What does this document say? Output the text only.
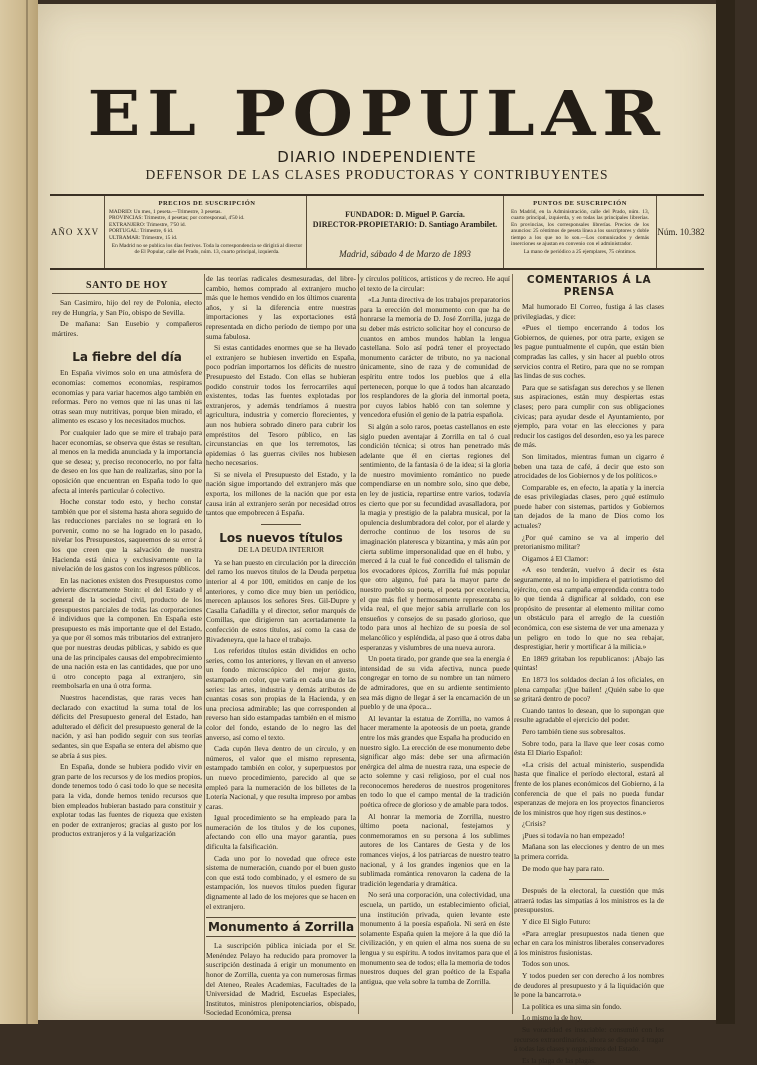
EL POPULAR
DIARIO INDEPENDIENTE
DEFENSOR DE LAS CLASES PRODUCTORAS Y CONTRIBUYENTES
AÑO XXV
PRECIOS DE SUSCRIPCIÓN
MADRID: Un mes, 1 peseta.—Trimestre, 3 pesetas.
PROVINCIAS: Trimestre, 4 pesetas; por corresponsal, 4'50 id.
EXTRANJERO: Trimestre, 7'50 id.
PORTUGAL: Trimestre, 6 id.
ULTRAMAR: Trimestre, 15 id.
En Madrid no se publica los días festivos. Toda la correspondencia se dirigirá al director de El Popular, calle del Prado, núm. 13, cuarto principal, izquierda.
FUNDADOR: D. Miguel P. García.
DIRECTOR-PROPIETARIO: D. Santiago Arambilet.
Madrid, sábado 4 de Marzo de 1893
PUNTOS DE SUSCRIPCIÓN
En Madrid, en la Administración, calle del Prado, núm. 13, cuarto principal, izquierda, y en todas las principales librerías. En provincias, los corresponsales librerías. Precios de los anuncios: 25 céntimos de peseta línea a los suscriptores y doble tiempo a los que no lo son.—Los comunicados y demás inserciones se ajustan en convenio con el administrador.
La mano de periódico a 25 ejemplares, 75 céntimos.
Núm. 10.382
SANTO DE HOY

San Casimiro, hijo del rey de Polonia, electo rey de Hungría, y San Pío, obispo de Sevilla.

De mañana: San Eusebio y compañeros mártires.

La fiebre del día

En España vivimos solo en una atmósfera de economías: comemos economías, respiramos economías y para variar hacemos algo también en reformas. Pero no vemos que ni las unas ni las otras sean muy nutritivas, porque bien mirado, el alimento es escaso y los necesitados muchos.

Por cualquier lado que se mire el trabajo para hacer economías, se observa que éstas se resultan, al menos en la medida anunciada y la importancia que se desea; y, preciso reconocerlo, no por falta de deseo en los que han de realizarlas, sino por la oposición que encuentran en España todo lo que afecta al interés particular ó colectivo.

Hoche constar todo esto, y hecho constar también que por el sistema hasta ahora seguido de las reducciones parciales no se logrará en lo porvenir, como no se ha logrado en lo pasado, nivelar los Presupuestos, saqueemos de su error á los que creen que la salvación de nuestra Hacienda está única y exclusivamente en la nivelación de los gastos con los ingresos públicos.

En las naciones existen dos Presupuestos como advierte discretamente Stein: el del Estado y el general de la sociedad civil, producto de los presupuestos parciales de todas las corporaciones é individuos que la componen. En España este presupuesto es más importante que el del Estado, ya que por él somos más tributarios del extranjero que por nuestras deudas públicas, y sabido es que una de las principales causas del empobrecimiento de una nación esta en las cantidades, que por uno ú otro concepto paga al extranjero, sin reembolsarla en una ú otra forma.

Nuestros hacendistas, que raras veces han declarado con exactitud la suma total de los déficits del Presupuesto general del Estado, han adulterado el déficit del presupuesto general de la nación, y así han podido seguir con sus teorías sedantes, sin que España se entera del abismo que se abría á sus pies.

En España, donde se hubiera podido vivir en gran parte de los recursos y de los medios propios, donde tenemos todo ó casi todo lo que se necesita para la vida, donde hemos tenido recursos que bien empleados hubieran bastado para constituir y explotar todas las fuentes de riqueza que existen en poder de extranjeros; gracias al gusto por los productos extranjeros y á la vulgarización

de las teorías radicales desmesuradas, del libre-cambio, hemos comprado al extranjero mucho más que le hemos vendido en los últimos cuarenta años, y si la diferencia entre nuestras importaciones y las exportaciones está representada en dicho período de tiempo por una suma fabulosa.

Si estas cantidades enormes que se ha llevado el extranjero se hubiesen invertido en España, poco podrían importarnos los déficits de nuestro Presupuesto del Estado. Con ellas se hubieran podido construir todos los ferrocarriles aquí existentes, todas las fuentes explotadas por extranjeros, y además tendríamos á nuestra agricultura, industria y comercio florecientes, y aun nos hubiera sobrado dinero para cubrir los empréstitos del Tesoro público, en las circunstancias en que los terremotos, las epidemias ó las guerras civiles nos hubiesen hecho necesarios.

Si se nivela el Presupuesto del Estado, y la nación sigue importando del extranjero más que exporta, los millones de la nación que por esta causa irán al extranjero serán por necesidad otros tantos que empobrecen á España.

Los nuevos títulos
DE LA DEUDA INTERIOR

Ya se han puesto en circulación por la dirección del ramo los nuevos títulos de la Deuda perpetua interior al 4 por 100, emitidos en canje de los anteriores, y como dice muy bien un periódico, merecen aplausos los señores Sres. Gil-Dupre y Casalla Cañadilla y el director, señor marqués de Comillas, que dirigieron tan acertadamente la confección de estos títulos, así como la casa de Rivadeneyra, que la hace el trabajo.

Los referidos títulos están divididos en ocho series, como los anteriores, y llevan en el anverso un fondo microscópico del mejor gusto, estampado en color, que varía en cada una de las series: las artes, industria y demás atributos de cuantas cosas son propias de la Hacienda, y en una preciosa admirable; las que corresponden al reverso han sido estampadas también en el mismo color del fondo, estando de lo negro las del anverso, así como el texto.

Cada cupón lleva dentro de un círculo, y en números, el valor que el mismo representa, estampado también en color, y superpuestos por un nuevo procedimiento, parecido al que se empleó para la numeración de los billetes de la Lotería Nacional, y que resulta impreso por ambas caras.

Igual procedimiento se ha empleado para la numeración de los títulos y de los cupones, afectando con ello una mayor garantía, pues dificulta la falsificación.

Cada uno por lo novedad que ofrece este sistema de numeración, cuando por el buen gusto con que está todo combinado, y el esmero de su estampación, los nuevos títulos pueden figurar dignamente al lado de los mejores que se hacen en el extranjero.

Monumento á Zorrilla

La suscripción pública iniciada por el Sr. Menéndez Pelayo ha reducido para promover la suscripción destinada á erigir un monumento en honor de Zorrilla, cuenta ya con numerosas firmas del Ateneo, Reales Academias, Facultades de la Universidad de Madrid, Escuelas Especiales, Institutos, ministros plenipotenciarios, obispado, Sociedad Económica, prensa

y círculos políticos, artísticos y de recreo. He aquí el texto de la circular:

«La Junta directiva de los trabajos preparatorios para la erección del monumento con que ha de honrarse la memoria de D. José Zorrilla, juzga de su deber más estricto solicitar hoy el concurso de cuantos en ambos mundos hablan la lengua castellana. Solo así podrá tener el proyectado monumento carácter de tributo, no ya nacional únicamente, sino de raza y de comunidad de espíritu entre todos los pueblos que á ella pertenecen, porque lo que á todos han alcanzado los resplandores de la gloria del inmortal poeta, por cuyos labios habló con tan solemne y vencedora efusión el genio de la patria española.

Si algún a solo raros, poetas castellanos en este siglo pueden aventajar á Zorrilla en tal ó cual condición técnica; si otros han penetrado más adelante que él en ciertas regiones del sentimiento, de la fantasía ó de la idea; si la gloria de nuestro movimiento romántico no puede compendiarse en un nombre solo, sino que debe, en ley de justicia, repartirse entre varios, todavía es cierto que por su fecundidad avasalladora, por la magia y prestigio de la palabra musical, por la opulencia deslumbradora del color, por el alarde y derroche continuo de los tesoros de su imaginación plateresca y bizantina, y más aún por cierta sublime impersonalidad que en él hubo, y merced á la cual le fué concedido el talismán de los evocadores épicos, Zorrilla fué más popular que otro alguno, fué para la mayor parte de nuestro pueblo su poeta, el poeta por excelencia, el que más fiel y hermosamente representaba su vida real, el que mejor sabía arrullarle con los ensueños y consejos de su pasado glorioso, que todo para unos al hechizo de su poesía de sol melancólico y espléndida, al paso que á otros daba esperanzas y vislumbres de una nueva aurora.

Un poeta tirado, por grande que sea la energía é intensidad de su vida afectiva, nunca puede congregar en torno de su nombre un tan número de admiradores, que en su ardiente sentimiento sea más digno de llegar á ser la encarnación de un pueblo y de una época...

Al levantar la estatua de Zorrilla, no vamos á hacer meramente la apoteosis de un poeta, grande entre los más grandes que España ha producido en nuestro siglo. La erección de ese monumento debe significar algo más: debe ser una afirmación enérgica del alma de nuestra raza, una especie de acto solemne y casi religioso, por el cual nos reconocemos herederos de nuestros progenitores en todo lo que el campo mental de la tradición poética ofrece de glorioso y de amable para todos.

Al honrar la memoria de Zorrilla, nuestro último poeta nacional, festejamos y conmemoramos en su persona á los sublimes autores de los Cantares de Gesta y de los romances viejos, á los patriarcas de nuestro teatro nacional, y á los grandes ingenios que en la sublimada romántica renovaron la cadena de la tradición legendaria y dramática.

No será una corporación, una colectividad, una escuela, un partido, un establecimiento oficial, una institución privada, quien levante este monumento á la poesía española. Ni será en éste solamente España quien la mejore á la que dió la civilización, y en quien el alma nos suena de su lengua y su espíritu. A todos invitamos para que el monumento sea de todos; ella la memoria de todos nuestros duques del gran poético de la España antigua, que vela sobre la tumba de Zorrilla.

COMENTARIOS Á LA PRENSA

Mal humorado El Correo, fustiga á las clases privilegiadas, y dice:

«Pues el tiempo encerrando á todos los Gobiernos, de quienes, por otra parte, exigen se les pague puntualmente el cupón, que están bien compradas las calles, y sin hacer al pueblo otros servicios contra el Retiro, para que no se rompan las lindas de sus coches.

Para que se satisfagan sus derechos y se llenen sus aspiraciones, están muy despiertas estas clases; pero para cumplir con sus obligaciones cívicas; para ayudar desde el Ayuntamiento, por ejemplo, para votar en las elecciones y para reducir los castigos del desorden, eso ya les parece de más.

Son limitados, mientras fuman un cigarro é beben una taza de café, á decir que esto son atrocidades de los Gobiernos y de los políticos.»

Comparable es, en efecto, la apatía y la inercia de esas privilegiadas clases, pero ¿qué estímulo puede haber con sistemas, partidos y Gobiernos tan dejados de la mano de Dios como los actuales?

¿Por qué camino se va al imperio del pretorianismo militar?

Oigamos á El Clamor:

«A eso tenderán, vuelvo á decir es ésta seguramente, al no lo impidiera el patriotismo del ejército, con esa campaña emprendida contra todo lo que tienda á dignificar al soldado, con ese propósito de presentar al elemento militar como un obstáculo para el arreglo de la cuestión económica, con ese sistema de ver una amenaza y un peligro en todo lo que no sea rebajar, desprestigiar, herir y mortificar á la milicia.»

En 1869 gritaban los republicanos: ¡Abajo las quintas!

En 1873 los soldados decían á los oficiales, en plena campaña: ¡Que bailen! ¿Quién sabe lo que se gritará dentro de poco?

Cuando tantos lo desean, que lo supongan que resulte agradable el ejercicio del poder.

Pero también tiene sus sobresaltos.

Sobre todo, para la llave que leer cosas como ésta El Diario Español:

«La crisis del actual ministerio, suspendida hasta que finalice el período electoral, estará al frente de los planes económicos del Gobierno, á la conferencia de que el país no pueda fundar esperanzas de mejora en los proyectos financieros de los ministros que hoy rigen sus destinos.»

¿Crisis?

¡Pues si todavía no han empezado!

Mañana son las elecciones y dentro de un mes la primera corrida.

De modo que hay para rato.

Después de la electoral, la cuestión que más atraerá todas las simpatías á los ministros es la de presupuestos.

Y dice El Siglo Futuro:

«Para arreglar presupuestos nada tienen que echar en cara los ministros liberales conservadores á los ministros fusionistas.

Todos son unos.

Y todos pueden ser con derecho á los nombres de deudores al presupuesto y á la liquidación que le pone la bancarrota.»

La política es una sima sin fondo.

Lo mismo la de hoy.

Su voracidad es insaciable: consumió con los recursos extraordinarios, ahora se dispone á tragar á todas las clases y organismos del Estado.

Es la plaga de las plagas.
